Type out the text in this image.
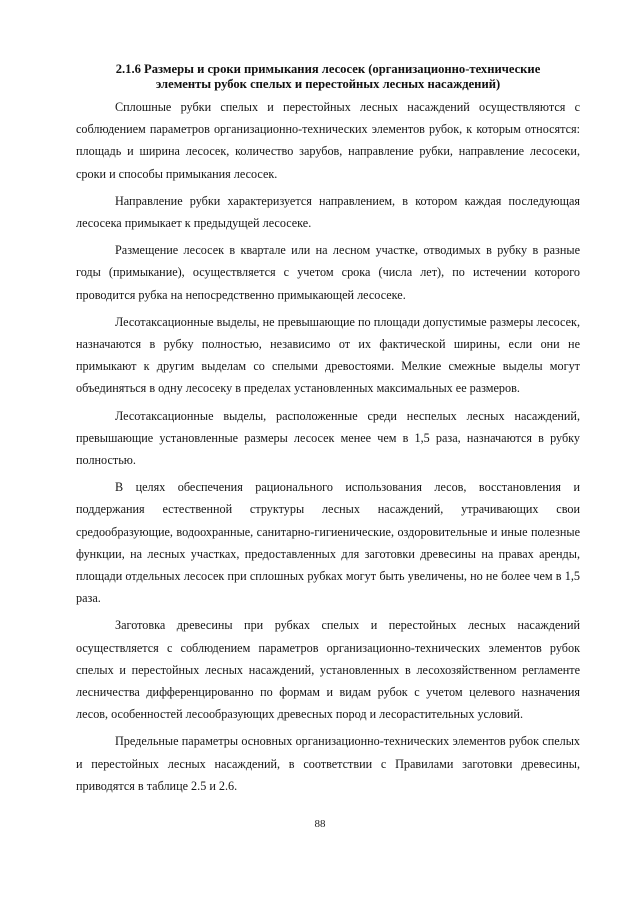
2.1.6 Размеры и сроки примыкания лесосек (организационно-технические
элементы рубок спелых и перестойных лесных насаждений)

Сплошные рубки спелых и перестойных лесных насаждений осуществляются с соблюдением параметров организационно-технических элементов рубок, к которым относятся: площадь и ширина лесосек, количество зарубов, направление рубки, направление лесосеки, сроки и способы примыкания лесосек.

Направление рубки характеризуется направлением, в котором каждая последующая лесосека примыкает к предыдущей лесосеке.

Размещение лесосек в квартале или на лесном участке, отводимых в рубку в разные годы (примыкание), осуществляется с учетом срока (числа лет), по истечении которого проводится рубка на непосредственно примыкающей лесосеке.

Лесотаксационные выделы, не превышающие по площади допустимые размеры лесосек, назначаются в рубку полностью, независимо от их фактической ширины, если они не примыкают к другим выделам со спелыми древостоями. Мелкие смежные выделы могут объединяться в одну лесосеку в пределах установленных максимальных ее размеров.

Лесотаксационные выделы, расположенные среди неспелых лесных насаждений, превышающие установленные размеры лесосек менее чем в 1,5 раза, назначаются в рубку полностью.

В целях обеспечения рационального использования лесов, восстановления и поддержания естественной структуры лесных насаждений, утрачивающих свои средообразующие, водоохранные, санитарно-гигиенические, оздоровительные и иные полезные функции, на лесных участках, предоставленных для заготовки древесины на правах аренды, площади отдельных лесосек при сплошных рубках могут быть увеличены, но не более чем в 1,5 раза.

Заготовка древесины при рубках спелых и перестойных лесных насаждений осуществляется с соблюдением параметров организационно-технических элементов рубок спелых и перестойных лесных насаждений, установленных в лесохозяйственном регламенте лесничества дифференцированно по формам и видам рубок с учетом целевого назначения лесов, особенностей лесообразующих древесных пород и лесорастительных условий.

Предельные параметры основных организационно-технических элементов рубок спелых и перестойных лесных насаждений, в соответствии с Правилами заготовки древесины, приводятся в таблице 2.5 и 2.6.

88
